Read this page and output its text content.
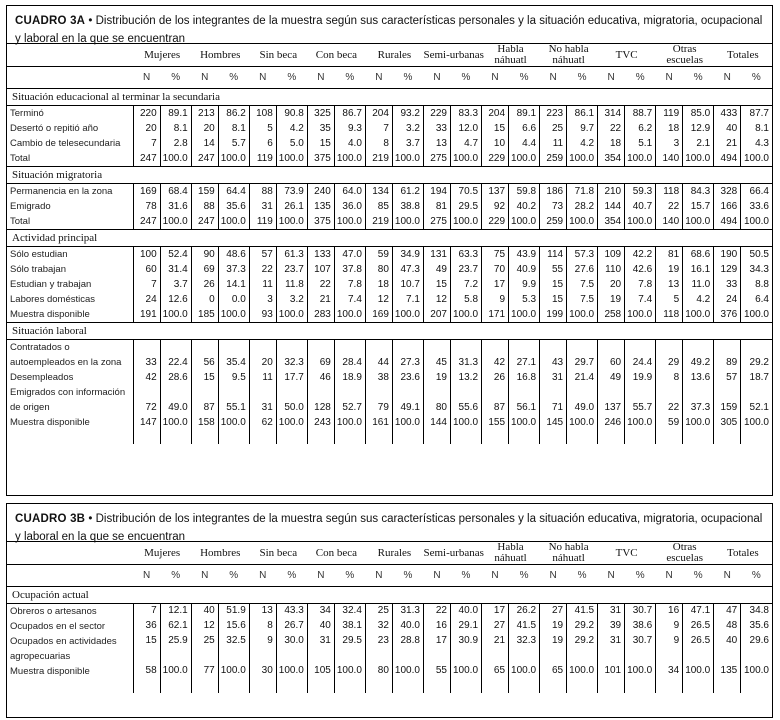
CUADRO 3A • Distribución de los integrantes de la muestra según sus características personales y la situación educativa, migratoria, ocupacional y laboral en la que se encuentran
	Mujeres		Hombres		Sin beca		Con beca		Rurales		Semi-urbanas		Habla náhuatl		No habla náhuatl		TVC		Otras escuelas		Totales	
	N	%	N	%	N	%	N	%	N	%	N	%	N	%	N	%	N	%	N	%	N	%
Situación educacional al terminar la secundaria																						
Terminó	220	89.1	213	86.2	108	90.8	325	86.7	204	93.2	229	83.3	204	89.1	223	86.1	314	88.7	119	85.0	433	87.7
Desertó o repitió año	20	8.1	20	8.1	5	4.2	35	9.3	7	3.2	33	12.0	15	6.6	25	9.7	22	6.2	18	12.9	40	8.1
Cambio de telesecundaria	7	2.8	14	5.7	6	5.0	15	4.0	8	3.7	13	4.7	10	4.4	11	4.2	18	5.1	3	2.1	21	4.3
Total	247	100.0	247	100.0	119	100.0	375	100.0	219	100.0	275	100.0	229	100.0	259	100.0	354	100.0	140	100.0	494	100.0
Situación migratoria																						
Permanencia en la zona	169	68.4	159	64.4	88	73.9	240	64.0	134	61.2	194	70.5	137	59.8	186	71.8	210	59.3	118	84.3	328	66.4
Emigrado	78	31.6	88	35.6	31	26.1	135	36.0	85	38.8	81	29.5	92	40.2	73	28.2	144	40.7	22	15.7	166	33.6
Total	247	100.0	247	100.0	119	100.0	375	100.0	219	100.0	275	100.0	229	100.0	259	100.0	354	100.0	140	100.0	494	100.0
Actividad principal																						
Sólo estudian	100	52.4	90	48.6	57	61.3	133	47.0	59	34.9	131	63.3	75	43.9	114	57.3	109	42.2	81	68.6	190	50.5
Sólo trabajan	60	31.4	69	37.3	22	23.7	107	37.8	80	47.3	49	23.7	70	40.9	55	27.6	110	42.6	19	16.1	129	34.3
Estudian y trabajan	7	3.7	26	14.1	11	11.8	22	7.8	18	10.7	15	7.2	17	9.9	15	7.5	20	7.8	13	11.0	33	8.8
Labores domésticas	24	12.6	0	0.0	3	3.2	21	7.4	12	7.1	12	5.8	9	5.3	15	7.5	19	7.4	5	4.2	24	6.4
Muestra disponible	191	100.0	185	100.0	93	100.0	283	100.0	169	100.0	207	100.0	171	100.0	199	100.0	258	100.0	118	100.0	376	100.0
Situación laboral																						
Contratados o autoempleados en la zona	33	22.4	56	35.4	20	32.3	69	28.4	44	27.3	45	31.3	42	27.1	43	29.7	60	24.4	29	49.2	89	29.2
Desempleados	42	28.6	15	9.5	11	17.7	46	18.9	38	23.6	19	13.2	26	16.8	31	21.4	49	19.9	8	13.6	57	18.7
Emigrados con información de origen	72	49.0	87	55.1	31	50.0	128	52.7	79	49.1	80	55.6	87	56.1	71	49.0	137	55.7	22	37.3	159	52.1
Muestra disponible	147	100.0	158	100.0	62	100.0	243	100.0	161	100.0	144	100.0	155	100.0	145	100.0	246	100.0	59	100.0	305	100.0

CUADRO 3B • Distribución de los integrantes de la muestra según sus características personales y la situación educativa, migratoria, ocupacional y laboral en la que se encuentran
	Mujeres		Hombres		Sin beca		Con beca		Rurales		Semi-urbanas		Habla náhuatl		No habla náhuatl		TVC		Otras escuelas		Totales	
	N	%	N	%	N	%	N	%	N	%	N	%	N	%	N	%	N	%	N	%	N	%
Ocupación actual																						
Obreros o artesanos	7	12.1	40	51.9	13	43.3	34	32.4	25	31.3	22	40.0	17	26.2	27	41.5	31	30.7	16	47.1	47	34.8
Ocupados en el sector	36	62.1	12	15.6	8	26.7	40	38.1	32	40.0	16	29.1	27	41.5	19	29.2	39	38.6	9	26.5	48	35.6
Ocupados en actividades agropecuarias	15	25.9	25	32.5	9	30.0	31	29.5	23	28.8	17	30.9	21	32.3	19	29.2	31	30.7	9	26.5	40	29.6
Muestra disponible	58	100.0	77	100.0	30	100.0	105	100.0	80	100.0	55	100.0	65	100.0	65	100.0	101	100.0	34	100.0	135	100.0
